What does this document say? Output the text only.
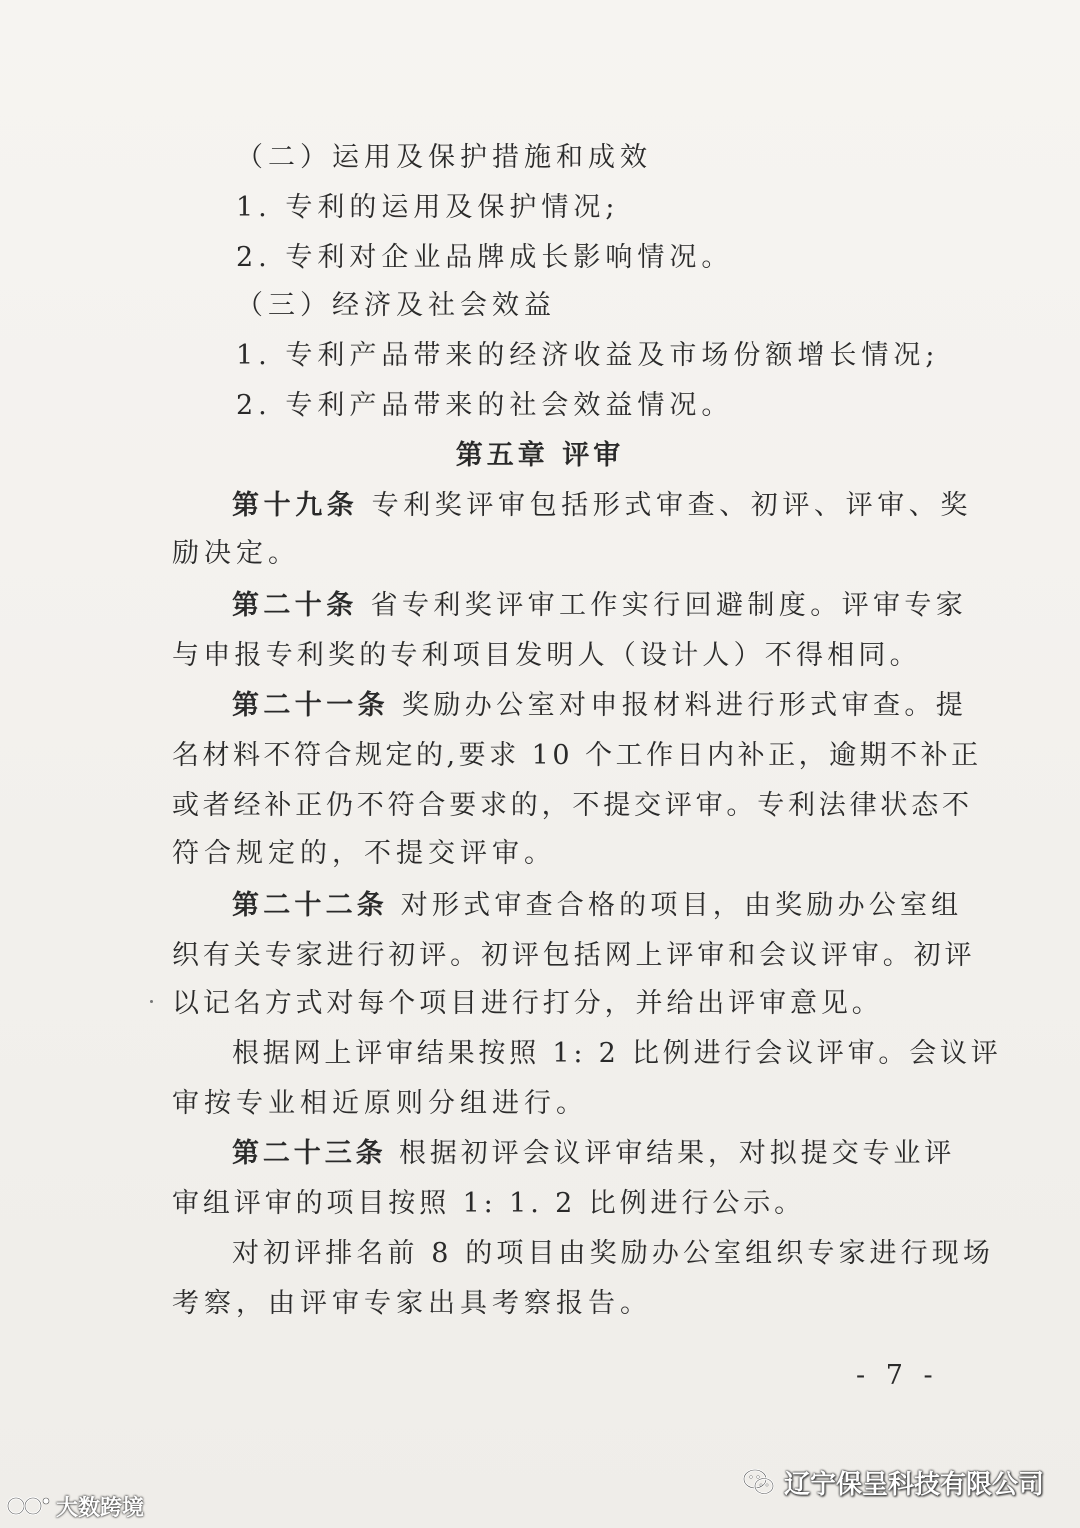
（二）运用及保护措施和成效
1. 专利的运用及保护情况;
2. 专利对企业品牌成长影响情况。
（三）经济及社会效益
1. 专利产品带来的经济收益及市场份额增长情况;
2. 专利产品带来的社会效益情况。
第五章 评审
第十九条 专利奖评审包括形式审查、初评、评审、奖
励决定。
第二十条 省专利奖评审工作实行回避制度。评审专家
与申报专利奖的专利项目发明人（设计人）不得相同。
第二十一条 奖励办公室对申报材料进行形式审查。提
名材料不符合规定的,要求 10 个工作日内补正，逾期不补正
或者经补正仍不符合要求的，不提交评审。专利法律状态不
符合规定的，不提交评审。
第二十二条 对形式审查合格的项目，由奖励办公室组
织有关专家进行初评。初评包括网上评审和会议评审。初评
以记名方式对每个项目进行打分，并给出评审意见。
根据网上评审结果按照 1: 2 比例进行会议评审。会议评
审按专业相近原则分组进行。
第二十三条 根据初评会议评审结果，对拟提交专业评
审组评审的项目按照 1: 1. 2 比例进行公示。
对初评排名前 8 的项目由奖励办公室组织专家进行现场
考察，由评审专家出具考察报告。
- 7 -
辽宁保呈科技有限公司
大数跨境
